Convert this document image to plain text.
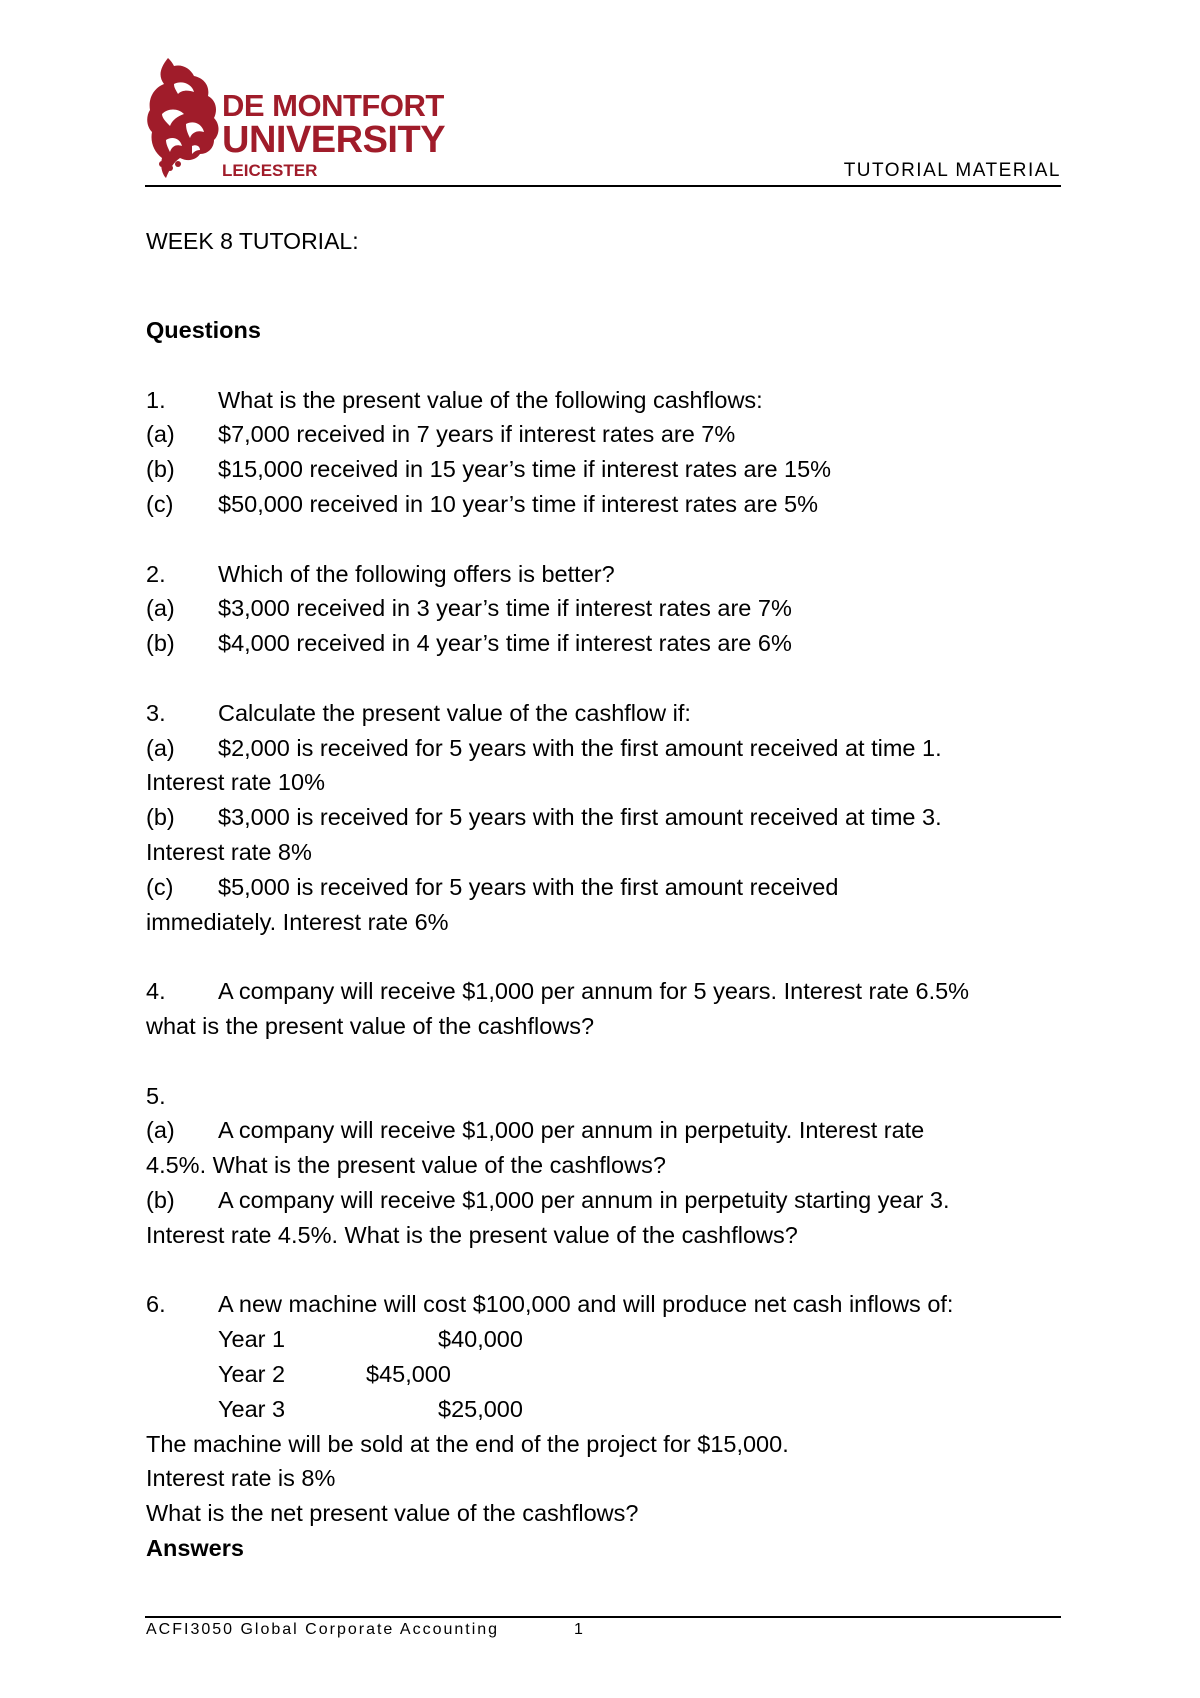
DE MONTFORT
UNIVERSITY
LEICESTER	TUTORIAL MATERIAL
WEEK 8 TUTORIAL:
Questions
1. What is the present value of the following cashflows:
(a) $7,000 received in 7 years if interest rates are 7%
(b) $15,000 received in 15 year’s time if interest rates are 15%
(c) $50,000 received in 10 year’s time if interest rates are 5%
2. Which of the following offers is better?
(a) $3,000 received in 3 year’s time if interest rates are 7%
(b) $4,000 received in 4 year’s time if interest rates are 6%
3. Calculate the present value of the cashflow if:
(a) $2,000 is received for 5 years with the first amount received at time 1.
Interest rate 10%
(b) $3,000 is received for 5 years with the first amount received at time 3.
Interest rate 8%
(c) $5,000 is received for 5 years with the first amount received
immediately. Interest rate 6%
4. A company will receive $1,000 per annum for 5 years. Interest rate 6.5%
what is the present value of the cashflows?
5.
(a) A company will receive $1,000 per annum in perpetuity. Interest rate
4.5%. What is the present value of the cashflows?
(b) A company will receive $1,000 per annum in perpetuity starting year 3.
Interest rate 4.5%. What is the present value of the cashflows?
6. A new machine will cost $100,000 and will produce net cash inflows of:
Year 1	$40,000
Year 2	$45,000
Year 3	$25,000
The machine will be sold at the end of the project for $15,000.
Interest rate is 8%
What is the net present value of the cashflows?
Answers
ACFI3050 Global Corporate Accounting	1
